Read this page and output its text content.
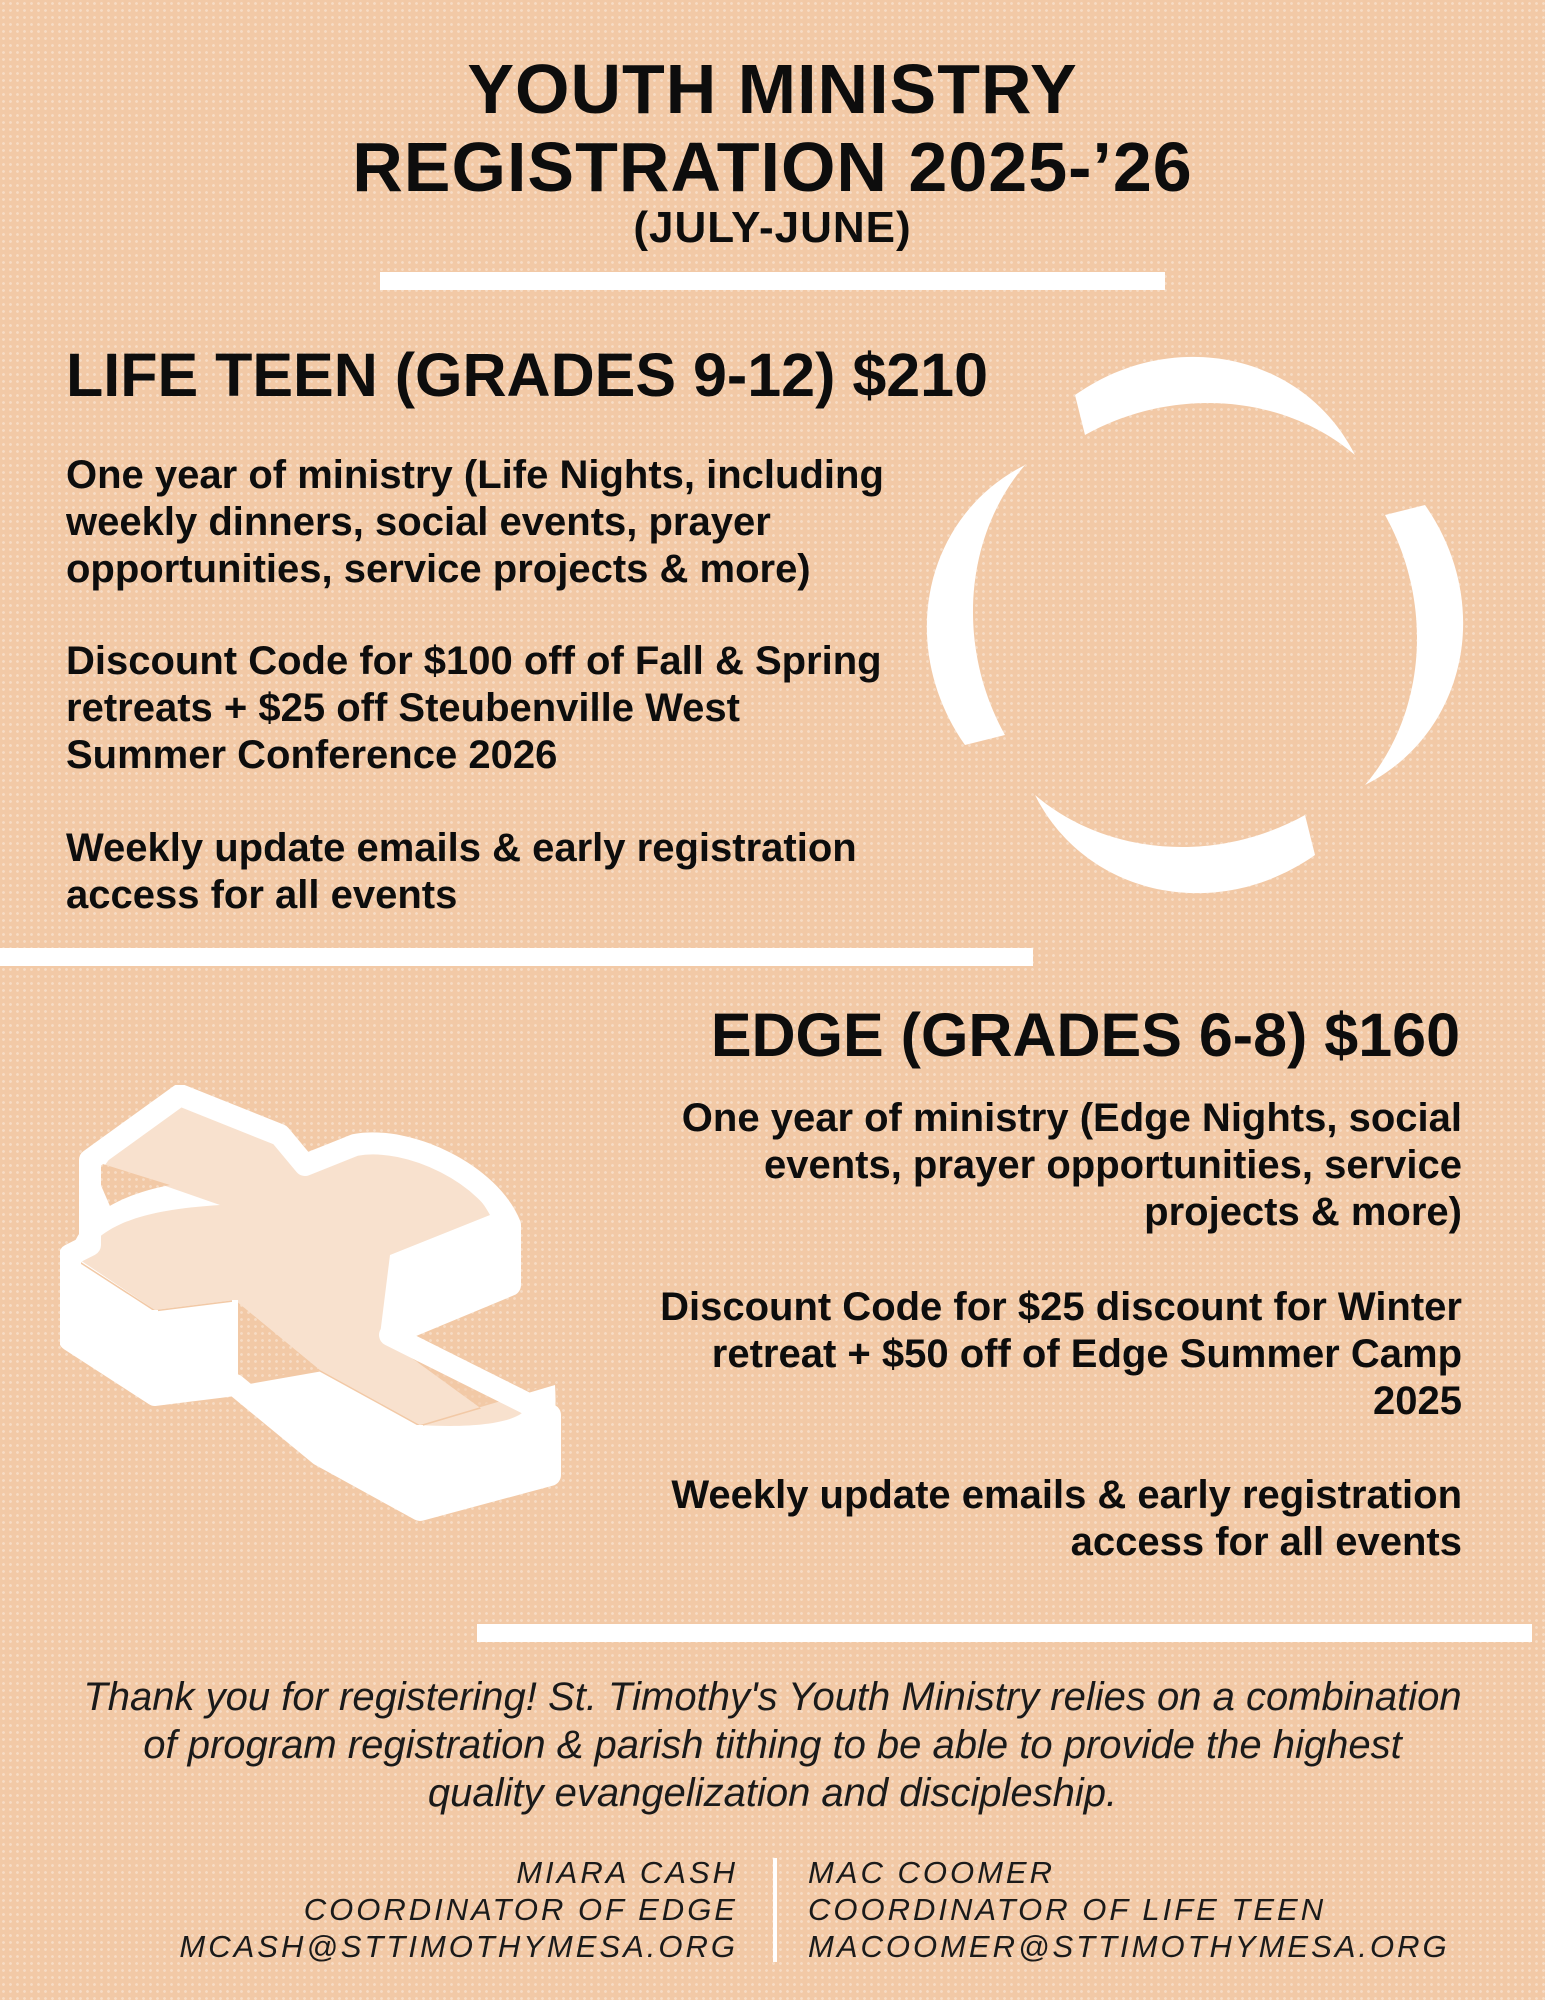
YOUTH MINISTRY
REGISTRATION 2025-’26
(JULY-JUNE)
LIFE TEEN (GRADES 9-12) $210
One year of ministry (Life Nights, including weekly dinners, social events, prayer opportunities, service projects & more)
Discount Code for $100 off of Fall & Spring retreats + $25 off Steubenville West Summer Conference 2026
Weekly update emails & early registration access for all events
EDGE (GRADES 6-8) $160
One year of ministry (Edge Nights, social events, prayer opportunities, service projects & more)
Discount Code for $25 discount for Winter retreat + $50 off of Edge Summer Camp 2025
Weekly update emails & early registration access for all events
Thank you for registering! St. Timothy's Youth Ministry relies on a combination of program registration & parish tithing to be able to provide the highest quality evangelization and discipleship.
MIARA CASH
COORDINATOR OF EDGE
MCASH@STTIMOTHYMESA.ORG
MAC COOMER
COORDINATOR OF LIFE TEEN
MACOOMER@STTIMOTHYMESA.ORG
